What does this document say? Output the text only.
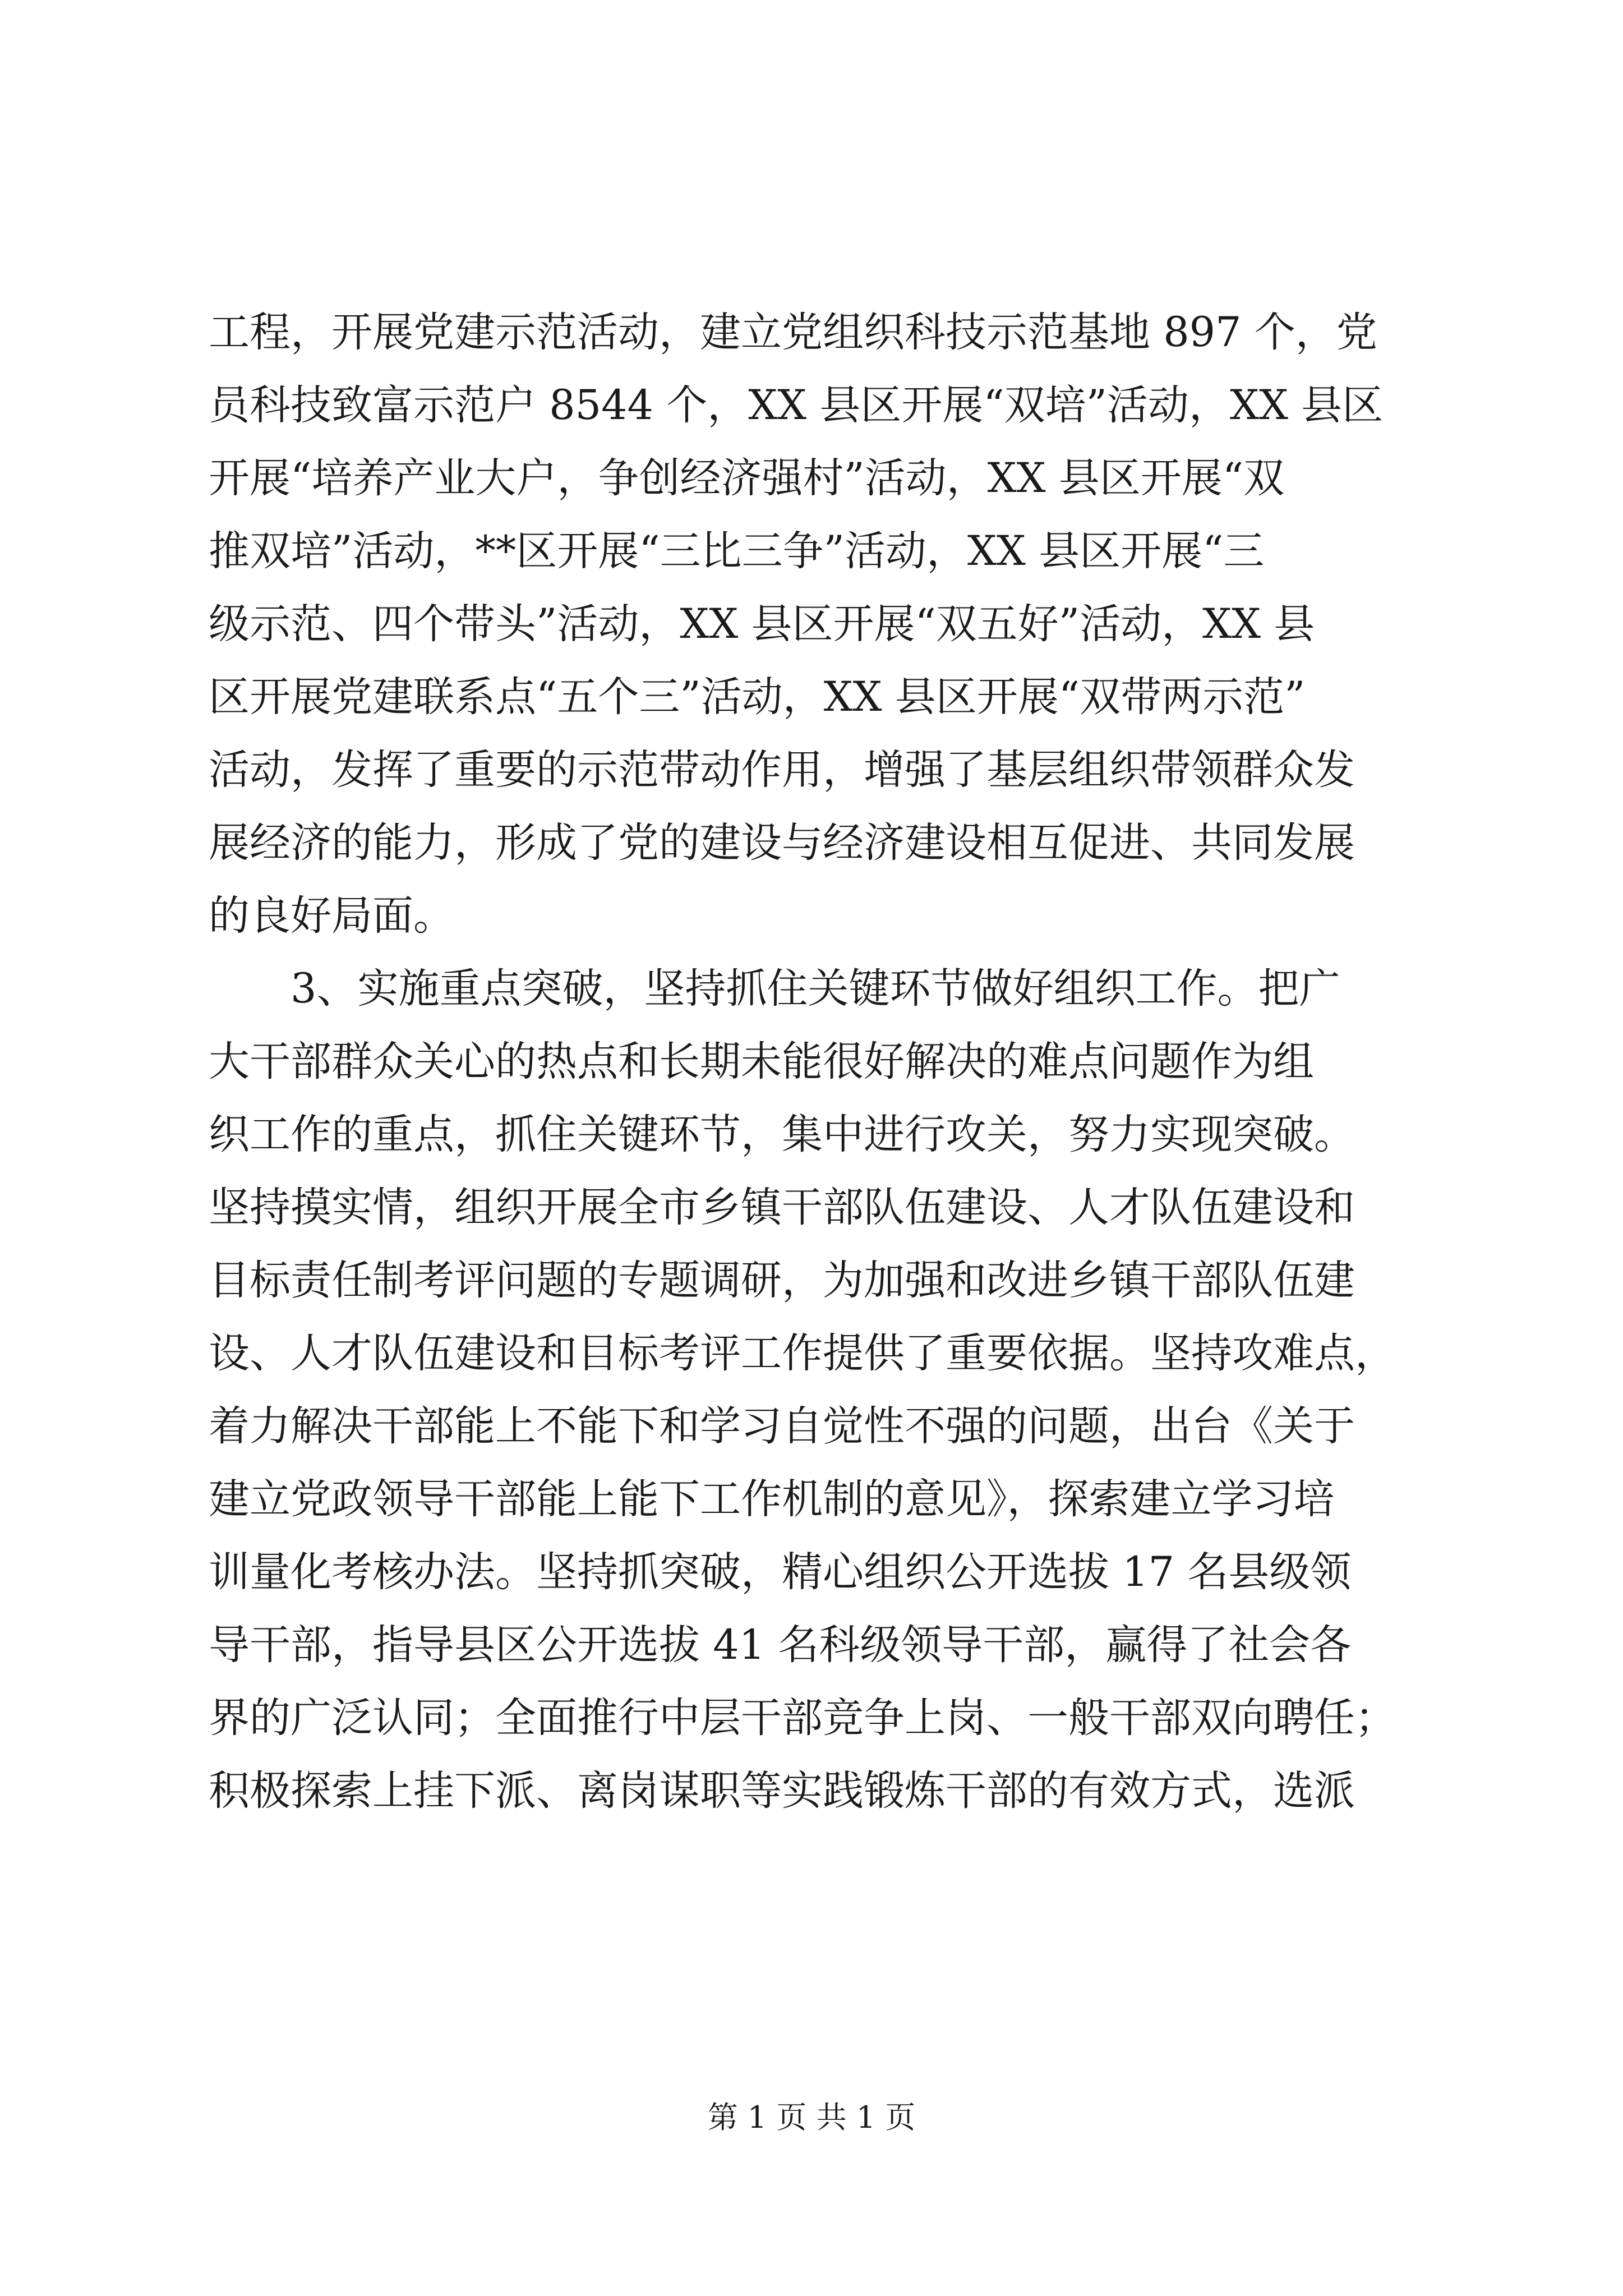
工程，开展党建示范活动，建立党组织科技示范基地 897 个，党
员科技致富示范户 8544 个，XX 县区开展“双培”活动，XX 县区
开展“培养产业大户，争创经济强村”活动，XX 县区开展“双
推双培”活动，**区开展“三比三争”活动，XX 县区开展“三
级示范、四个带头”活动，XX 县区开展“双五好”活动，XX 县
区开展党建联系点“五个三”活动，XX 县区开展“双带两示范”
活动，发挥了重要的示范带动作用，增强了基层组织带领群众发
展经济的能力，形成了党的建设与经济建设相互促进、共同发展
的良好局面。
3、实施重点突破，坚持抓住关键环节做好组织工作。把广
大干部群众关心的热点和长期未能很好解决的难点问题作为组
织工作的重点，抓住关键环节，集中进行攻关，努力实现突破。
坚持摸实情，组织开展全市乡镇干部队伍建设、人才队伍建设和
目标责任制考评问题的专题调研，为加强和改进乡镇干部队伍建
设、人才队伍建设和目标考评工作提供了重要依据。坚持攻难点，
着力解决干部能上不能下和学习自觉性不强的问题，出台《关于
建立党政领导干部能上能下工作机制的意见》，探索建立学习培
训量化考核办法。坚持抓突破，精心组织公开选拔 17 名县级领
导干部，指导县区公开选拔 41 名科级领导干部，赢得了社会各
界的广泛认同；全面推行中层干部竞争上岗、一般干部双向聘任；
积极探索上挂下派、离岗谋职等实践锻炼干部的有效方式，选派
第 1 页 共 1 页
